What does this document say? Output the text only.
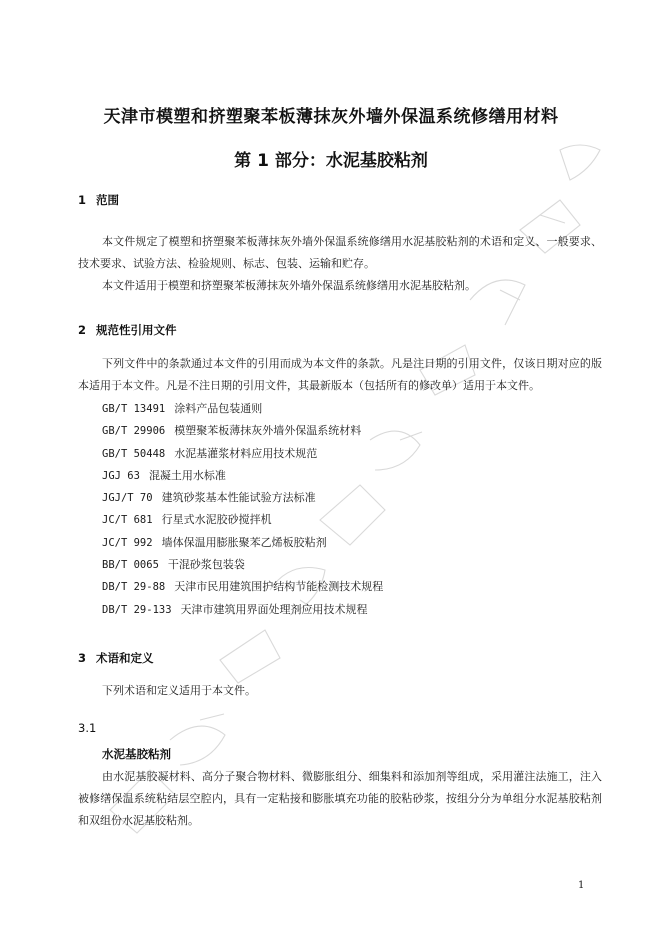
天津市模塑和挤塑聚苯板薄抹灰外墙外保温系统修缮用材料
第 1 部分：水泥基胶粘剂
1 范围
本文件规定了模塑和挤塑聚苯板薄抹灰外墙外保温系统修缮用水泥基胶粘剂的术语和定义、一般要求、技术要求、试验方法、检验规则、标志、包装、运输和贮存。
本文件适用于模塑和挤塑聚苯板薄抹灰外墙外保温系统修缮用水泥基胶粘剂。
2 规范性引用文件
下列文件中的条款通过本文件的引用而成为本文件的条款。凡是注日期的引用文件，仅该日期对应的版本适用于本文件。凡是不注日期的引用文件，其最新版本（包括所有的修改单）适用于本文件。
GB/T 13491 涂料产品包装通则
GB/T 29906 模塑聚苯板薄抹灰外墙外保温系统材料
GB/T 50448 水泥基灌浆材料应用技术规范
JGJ 63 混凝土用水标准
JGJ/T 70 建筑砂浆基本性能试验方法标准
JC/T 681 行星式水泥胶砂搅拌机
JC/T 992 墙体保温用膨胀聚苯乙烯板胶粘剂
BB/T 0065 干混砂浆包装袋
DB/T 29-88 天津市民用建筑围护结构节能检测技术规程
DB/T 29-133 天津市建筑用界面处理剂应用技术规程
3 术语和定义
下列术语和定义适用于本文件。
3.1
水泥基胶粘剂
由水泥基胶凝材料、高分子聚合物材料、微膨胀组分、细集料和添加剂等组成，采用灌注法施工，注入被修缮保温系统粘结层空腔内，具有一定粘接和膨胀填充功能的胶粘砂浆，按组分分为单组分水泥基胶粘剂和双组份水泥基胶粘剂。
1
